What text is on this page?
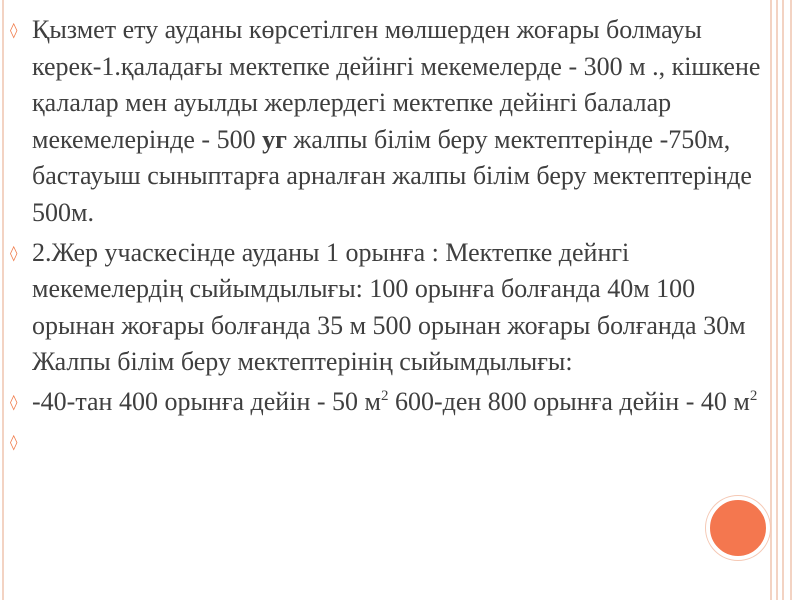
◊ Қызмет ету ауданы көрсетілген мөлшерден жоғары болмауы керек-1.қаладағы мектепке дейінгі мекемелерде - 300 м ., кішкене қалалар мен ауылды жерлердегі мектепке дейінгі балалар мекемелерінде - 500 уг жалпы білім беру мектептерінде -750м, бастауыш сыныптарға арналған жалпы білім беру мектептерінде 500м.
◊ 2.Жер учаскесінде ауданы 1 орынға : Мектепке дейнгі мекемелердің сыйымдылығы: 100 орынға болғанда 40м 100 орынан жоғары болғанда 35 м 500 орынан жоғары болғанда 30м Жалпы білім беру мектептерінің сыйымдылығы:
◊ -40-тан 400 орынға дейін - 50 $м^2$ 600-ден 800 орынға дейін - 40 $м^2$
◊
